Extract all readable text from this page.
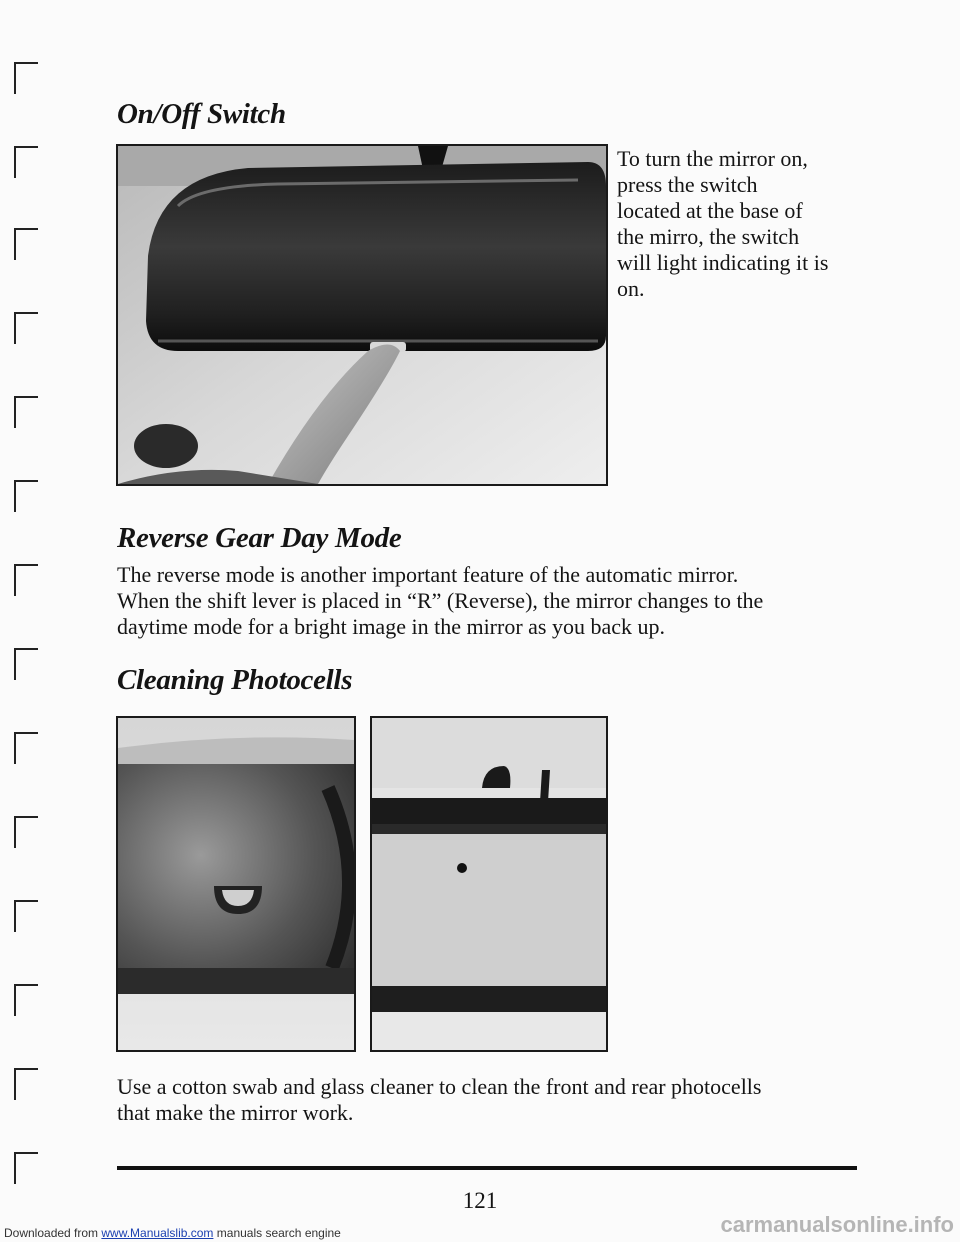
On/Off Switch
To turn the mirror on,
press the switch
located at the base of
the mirro, the switch
will light indicating it is
on.
Reverse Gear Day Mode
The reverse mode is another important feature of the automatic mirror.
When the shift lever is placed in “R” (Reverse), the mirror changes to the
daytime mode for a bright image in the mirror as you back up.
Cleaning Photocells
Use a cotton swab and glass cleaner to clean the front and rear photocells
that make the mirror work.
121
Downloaded from www.Manualslib.com manuals search engine	carmanualsonline.info
